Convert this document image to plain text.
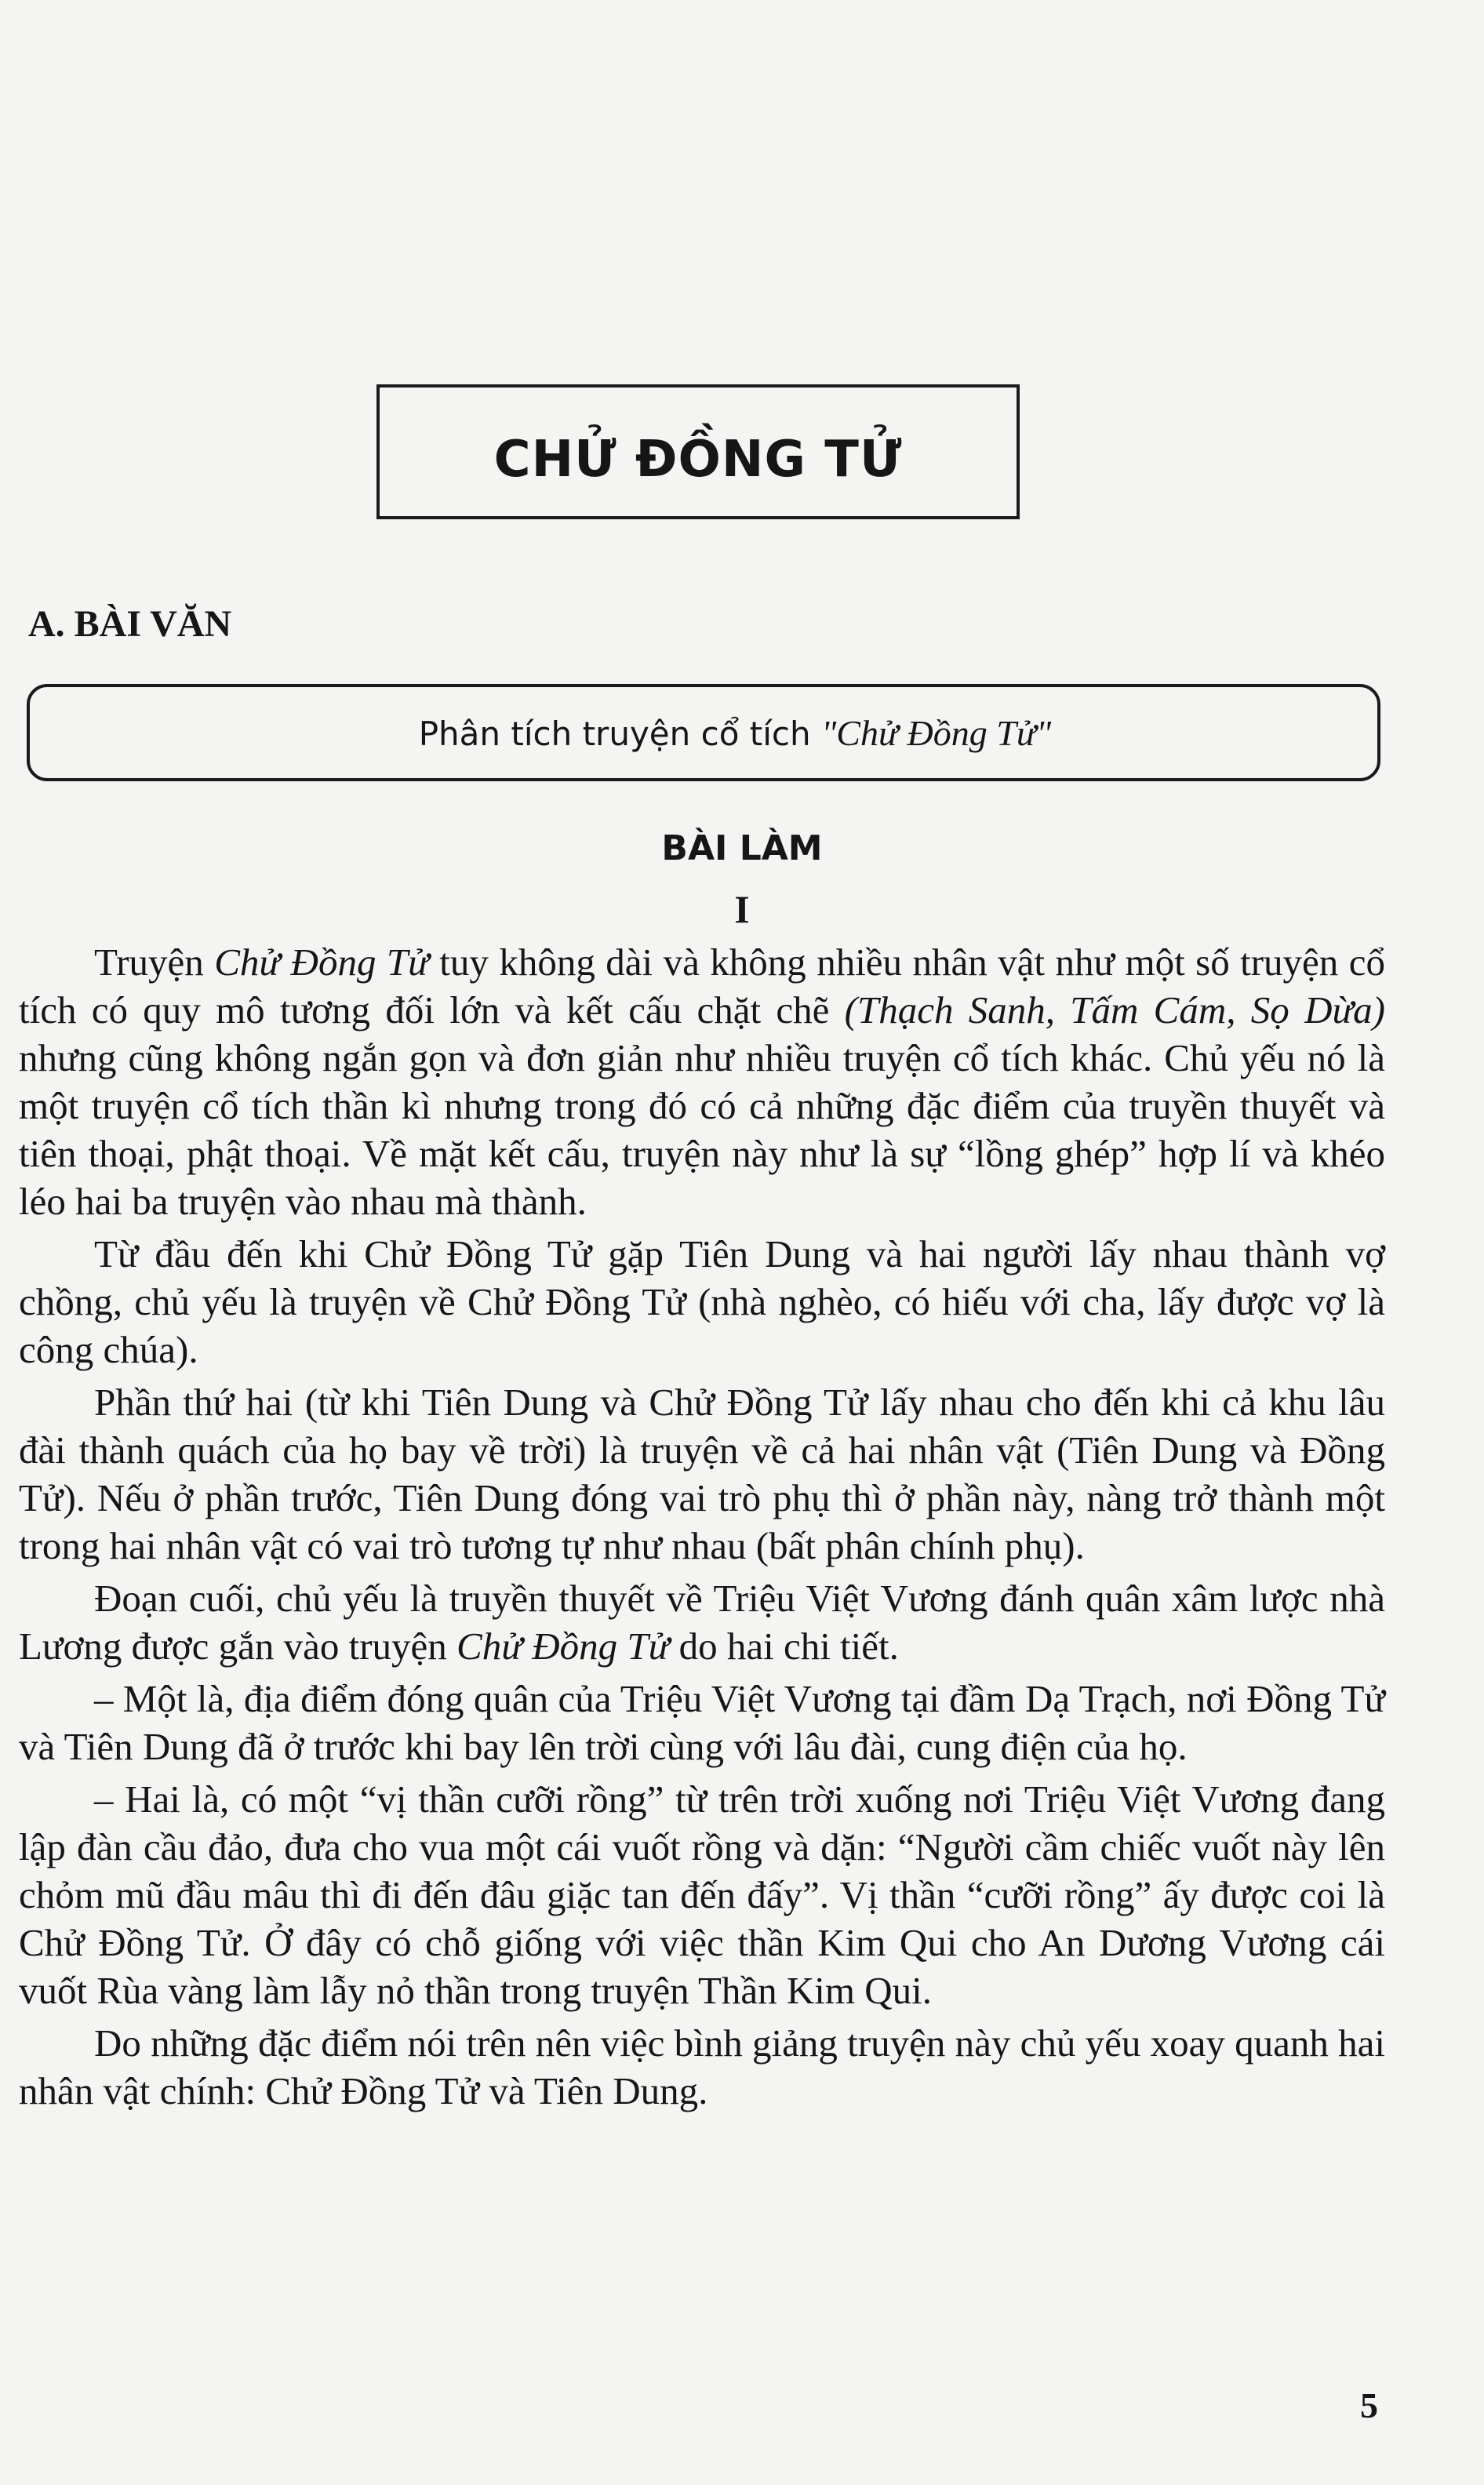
CHỬ ĐỒNG TỬ
A. BÀI VĂN
Phân tích truyện cổ tích "Chử Đồng Tử"
BÀI LÀM
I

Truyện Chử Đồng Tử tuy không dài và không nhiều nhân vật như một số truyện cổ tích có quy mô tương đối lớn và kết cấu chặt chẽ (Thạch Sanh, Tấm Cám, Sọ Dừa) nhưng cũng không ngắn gọn và đơn giản như nhiều truyện cổ tích khác. Chủ yếu nó là một truyện cổ tích thần kì nhưng trong đó có cả những đặc điểm của truyền thuyết và tiên thoại, phật thoại. Về mặt kết cấu, truyện này như là sự “lồng ghép” hợp lí và khéo léo hai ba truyện vào nhau mà thành.

Từ đầu đến khi Chử Đồng Tử gặp Tiên Dung và hai người lấy nhau thành vợ chồng, chủ yếu là truyện về Chử Đồng Tử (nhà nghèo, có hiếu với cha, lấy được vợ là công chúa).

Phần thứ hai (từ khi Tiên Dung và Chử Đồng Tử lấy nhau cho đến khi cả khu lâu đài thành quách của họ bay về trời) là truyện về cả hai nhân vật (Tiên Dung và Đồng Tử). Nếu ở phần trước, Tiên Dung đóng vai trò phụ thì ở phần này, nàng trở thành một trong hai nhân vật có vai trò tương tự như nhau (bất phân chính phụ).

Đoạn cuối, chủ yếu là truyền thuyết về Triệu Việt Vương đánh quân xâm lược nhà Lương được gắn vào truyện Chử Đồng Tử do hai chi tiết.

– Một là, địa điểm đóng quân của Triệu Việt Vương tại đầm Dạ Trạch, nơi Đồng Tử và Tiên Dung đã ở trước khi bay lên trời cùng với lâu đài, cung điện của họ.

– Hai là, có một “vị thần cưỡi rồng” từ trên trời xuống nơi Triệu Việt Vương đang lập đàn cầu đảo, đưa cho vua một cái vuốt rồng và dặn: “Người cầm chiếc vuốt này lên chỏm mũ đầu mâu thì đi đến đâu giặc tan đến đấy”. Vị thần “cưỡi rồng” ấy được coi là Chử Đồng Tử. Ở đây có chỗ giống với việc thần Kim Qui cho An Dương Vương cái vuốt Rùa vàng làm lẫy nỏ thần trong truyện Thần Kim Qui.

Do những đặc điểm nói trên nên việc bình giảng truyện này chủ yếu xoay quanh hai nhân vật chính: Chử Đồng Tử và Tiên Dung.

5
